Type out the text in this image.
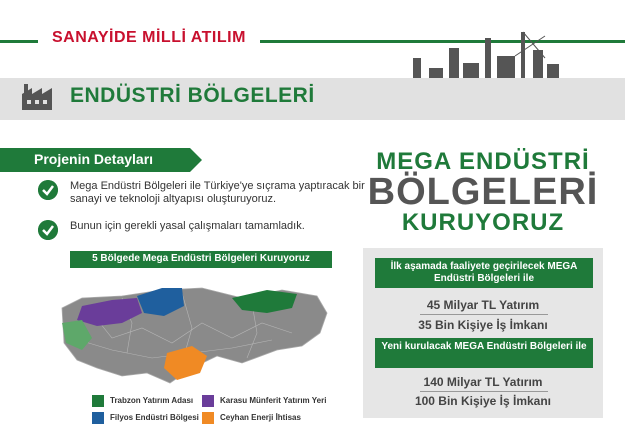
SANAYİDE MİLLİ ATILIM
ENDÜSTRİ BÖLGELERİ
Projenin Detayları
Mega Endüstri Bölgeleri ile Türkiye'ye sıçrama yaptıracak bir sanayi ve teknoloji altyapısı oluşturuyoruz.
Bunun için gerekli yasal çalışmaları tamamladık.
5 Bölgede Mega Endüstri Bölgeleri Kuruyoruz
Trabzon Yatırım Adası	Karasu Münferit Yatırım Yeri
Filyos Endüstri Bölgesi	Ceyhan Enerji İhtisas
MEGA ENDÜSTRİ
BÖLGELERİ
KURUYORUZ
İlk aşamada faaliyete geçirilecek MEGA Endüstri Bölgeleri ile
45 Milyar TL Yatırım
35 Bin Kişiye İş İmkanı
Yeni kurulacak MEGA Endüstri Bölgeleri ile
140 Milyar TL Yatırım
100 Bin Kişiye İş İmkanı
